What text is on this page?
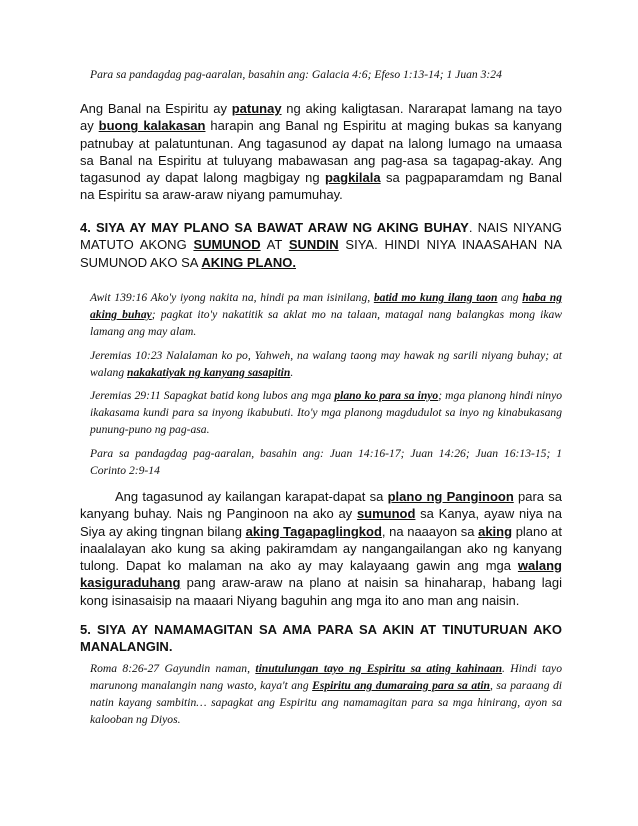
Para sa pandagdag pag-aaralan, basahin ang: Galacia 4:6; Efeso 1:13-14; 1 Juan 3:24

Ang Banal na Espiritu ay patunay ng aking kaligtasan. Nararapat lamang na tayo ay buong kalakasan harapin ang Banal ng Espiritu at maging bukas sa kanyang patnubay at palatuntunan. Ang tagasunod ay dapat na lalong lumago na umaasa sa Banal na Espiritu at tuluyang mabawasan ang pag-asa sa tagapag-akay. Ang tagasunod ay dapat lalong magbigay ng pagkilala sa pagpaparamdam ng Banal na Espiritu sa araw-araw niyang pamumuhay.

4. SIYA AY MAY PLANO SA BAWAT ARAW NG AKING BUHAY. NAIS NIYANG MATUTO AKONG SUMUNOD AT SUNDIN SIYA. HINDI NIYA INAASAHAN NA SUMUNOD AKO SA AKING PLANO.

Awit 139:16 Ako'y iyong nakita na, hindi pa man isinilang, batid mo kung ilang taon ang haba ng aking buhay; pagkat ito'y nakatitik sa aklat mo na talaan, matagal nang balangkas mong ikaw lamang ang may alam.

Jeremias 10:23 Nalalaman ko po, Yahweh, na walang taong may hawak ng sarili niyang buhay; at walang nakakatiyak ng kanyang sasapitin.

Jeremias 29:11 Sapagkat batid kong lubos ang mga plano ko para sa inyo; mga planong hindi ninyo ikakasama kundi para sa inyong ikabubuti. Ito'y mga planong magdudulot sa inyo ng kinabukasang punung-puno ng pag-asa.

Para sa pandagdag pag-aaralan, basahin ang: Juan 14:16-17; Juan 14:26; Juan 16:13-15; 1 Corinto 2:9-14

Ang tagasunod ay kailangan karapat-dapat sa plano ng Panginoon para sa kanyang buhay. Nais ng Panginoon na ako ay sumunod sa Kanya, ayaw niya na Siya ay aking tingnan bilang aking Tagapaglingkod, na naaayon sa aking plano at inaalalayan ako kung sa aking pakiramdam ay nangangailangan ako ng kanyang tulong. Dapat ko malaman na ako ay may kalayaang gawin ang mga walang kasiguraduhang pang araw-araw na plano at naisin sa hinaharap, habang lagi kong isinasaisip na maaari Niyang baguhin ang mga ito ano man ang naisin.

5. SIYA AY NAMAMAGITAN SA AMA PARA SA AKIN AT TINUTURUAN AKO MANALANGIN.

Roma 8:26-27 Gayundin naman, tinutulungan tayo ng Espiritu sa ating kahinaan. Hindi tayo marunong manalangin nang wasto, kaya't ang Espiritu ang dumaraing para sa atin, sa paraang di natin kayang sambitin… sapagkat ang Espiritu ang namamagitan para sa mga hinirang, ayon sa kalooban ng Diyos.
